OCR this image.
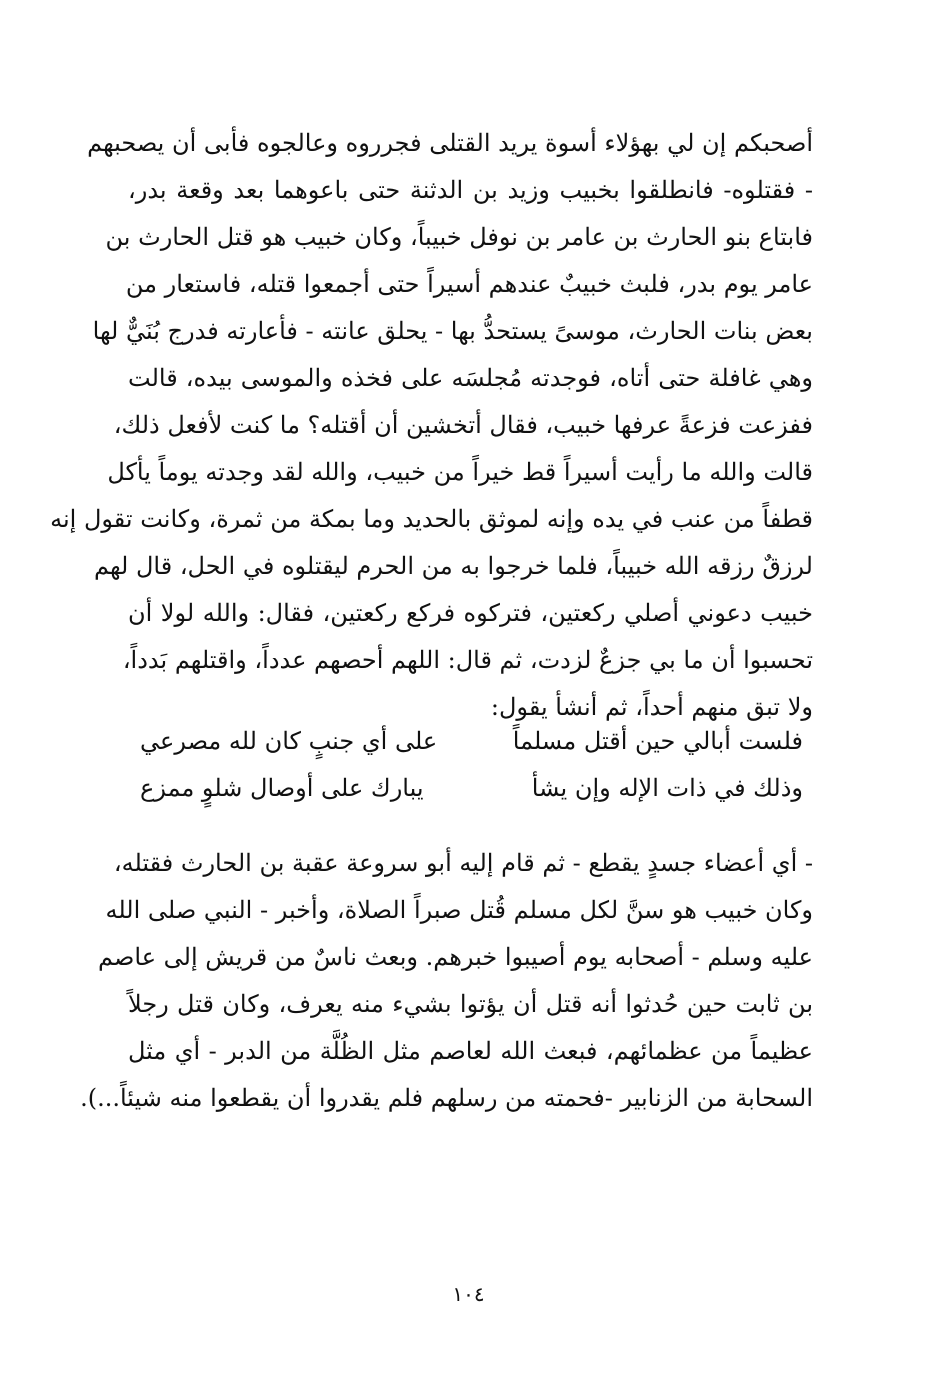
أصحبكم إن لي بهؤلاء أسوة يريد القتلى فجرروه وعالجوه فأبى أن يصحبهم
- فقتلوه- فانطلقوا بخبيب وزيد بن الدثنة حتى باعوهما بعد وقعة بدر،
فابتاع بنو الحارث بن عامر بن نوفل خبيباً، وكان خبيب هو قتل الحارث بن
عامر يوم بدر، فلبث خبيبٌ عندهم أسيراً حتى أجمعوا قتله، فاستعار من
بعض بنات الحارث، موسىً يستحدُّ بها - يحلق عانته - فأعارته فدرج بُنَيٌّ لها
وهي غافلة حتى أتاه، فوجدته مُجلسَه على فخذه والموسى بيده، قالت
ففزعت فزعةً عرفها خبيب، فقال أتخشين أن أقتله؟ ما كنت لأفعل ذلك،
قالت والله ما رأيت أسيراً قط خيراً من خبيب، والله لقد وجدته يوماً يأكل
قطفاً من عنب في يده وإنه لموثق بالحديد وما بمكة من ثمرة، وكانت تقول إنه
لرزقٌ رزقه الله خبيباً، فلما خرجوا به من الحرم ليقتلوه في الحل، قال لهم
خبيب دعوني أصلي ركعتين، فتركوه فركع ركعتين، فقال: والله لولا أن
تحسبوا أن ما بي جزعٌ لزدت، ثم قال: اللهم أحصهم عدداً، واقتلهم بَدداً،
ولا تبق منهم أحداً، ثم أنشأ يقول:
فلست أبالي حين أقتل مسلماً
على أي جنبٍ كان لله مصرعي
وذلك في ذات الإله وإن يشأ
يبارك على أوصال شلوٍ ممزع
- أي أعضاء جسدٍ يقطع - ثم قام إليه أبو سروعة عقبة بن الحارث فقتله،
وكان خبيب هو سنَّ لكل مسلم قُتل صبراً الصلاة، وأخبر - النبي صلى الله
عليه وسلم - أصحابه يوم أصيبوا خبرهم. وبعث ناسٌ من قريش إلى عاصم
بن ثابت حين حُدثوا أنه قتل أن يؤتوا بشيء منه يعرف، وكان قتل رجلاً
عظيماً من عظمائهم، فبعث الله لعاصم مثل الظُلَّة من الدبر - أي مثل
السحابة من الزنابير -فحمته من رسلهم فلم يقدروا أن يقطعوا منه شيئاً...).
١٠٤
